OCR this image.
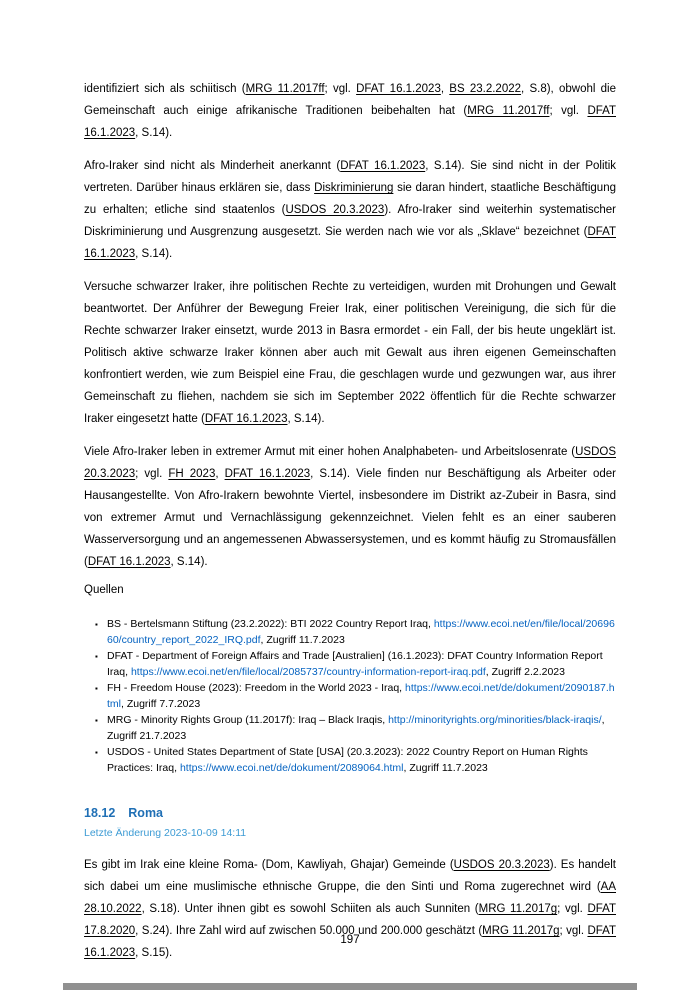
identifiziert sich als schiitisch (MRG 11.2017ff; vgl. DFAT 16.1.2023, BS 23.2.2022, S.8), obwohl die Gemeinschaft auch einige afrikanische Traditionen beibehalten hat (MRG 11.2017ff; vgl. DFAT 16.1.2023, S.14).

Afro-Iraker sind nicht als Minderheit anerkannt (DFAT 16.1.2023, S.14). Sie sind nicht in der Politik vertreten. Darüber hinaus erklären sie, dass Diskriminierung sie daran hindert, staatliche Beschäftigung zu erhalten; etliche sind staatenlos (USDOS 20.3.2023). Afro-Iraker sind weiterhin systematischer Diskriminierung und Ausgrenzung ausgesetzt. Sie werden nach wie vor als „Sklave“ bezeichnet (DFAT 16.1.2023, S.14).

Versuche schwarzer Iraker, ihre politischen Rechte zu verteidigen, wurden mit Drohungen und Gewalt beantwortet. Der Anführer der Bewegung Freier Irak, einer politischen Vereinigung, die sich für die Rechte schwarzer Iraker einsetzt, wurde 2013 in Basra ermordet - ein Fall, der bis heute ungeklärt ist. Politisch aktive schwarze Iraker können aber auch mit Gewalt aus ihren eigenen Gemeinschaften konfrontiert werden, wie zum Beispiel eine Frau, die geschlagen wurde und gezwungen war, aus ihrer Gemeinschaft zu fliehen, nachdem sie sich im September 2022 öffentlich für die Rechte schwarzer Iraker eingesetzt hatte (DFAT 16.1.2023, S.14).

Viele Afro-Iraker leben in extremer Armut mit einer hohen Analphabeten- und Arbeitslosenrate (USDOS 20.3.2023; vgl. FH 2023, DFAT 16.1.2023, S.14). Viele finden nur Beschäftigung als Arbeiter oder Hausangestellte. Von Afro-Irakern bewohnte Viertel, insbesondere im Distrikt az-Zubeir in Basra, sind von extremer Armut und Vernachlässigung gekennzeichnet. Vielen fehlt es an einer sauberen Wasserversorgung und an angemessenen Abwassersystemen, und es kommt häufig zu Stromausfällen (DFAT 16.1.2023, S.14).

Quellen

▪ BS - Bertelsmann Stiftung (23.2.2022): BTI 2022 Country Report Iraq, https://www.ecoi.net/en/file/local/2069660/country_report_2022_IRQ.pdf, Zugriff 11.7.2023
▪ DFAT - Department of Foreign Affairs and Trade [Australien] (16.1.2023): DFAT Country Information Report Iraq, https://www.ecoi.net/en/file/local/2085737/country-information-report-iraq.pdf, Zugriff 2.2.2023
▪ FH - Freedom House (2023): Freedom in the World 2023 - Iraq, https://www.ecoi.net/de/dokument/2090187.html, Zugriff 7.7.2023
▪ MRG - Minority Rights Group (11.2017f): Iraq – Black Iraqis, http://minorityrights.org/minorities/black-iraqis/, Zugriff 21.7.2023
▪ USDOS - United States Department of State [USA] (20.3.2023): 2022 Country Report on Human Rights Practices: Iraq, https://www.ecoi.net/de/dokument/2089064.html, Zugriff 11.7.2023
18.12 Roma

Letzte Änderung 2023-10-09 14:11

Es gibt im Irak eine kleine Roma- (Dom, Kawliyah, Ghajar) Gemeinde (USDOS 20.3.2023). Es handelt sich dabei um eine muslimische ethnische Gruppe, die den Sinti und Roma zugerechnet wird (AA 28.10.2022, S.18). Unter ihnen gibt es sowohl Schiiten als auch Sunniten (MRG 11.2017g; vgl. DFAT 17.8.2020, S.24). Ihre Zahl wird auf zwischen 50.000 und 200.000 geschätzt (MRG 11.2017g; vgl. DFAT 16.1.2023, S.15).

197
